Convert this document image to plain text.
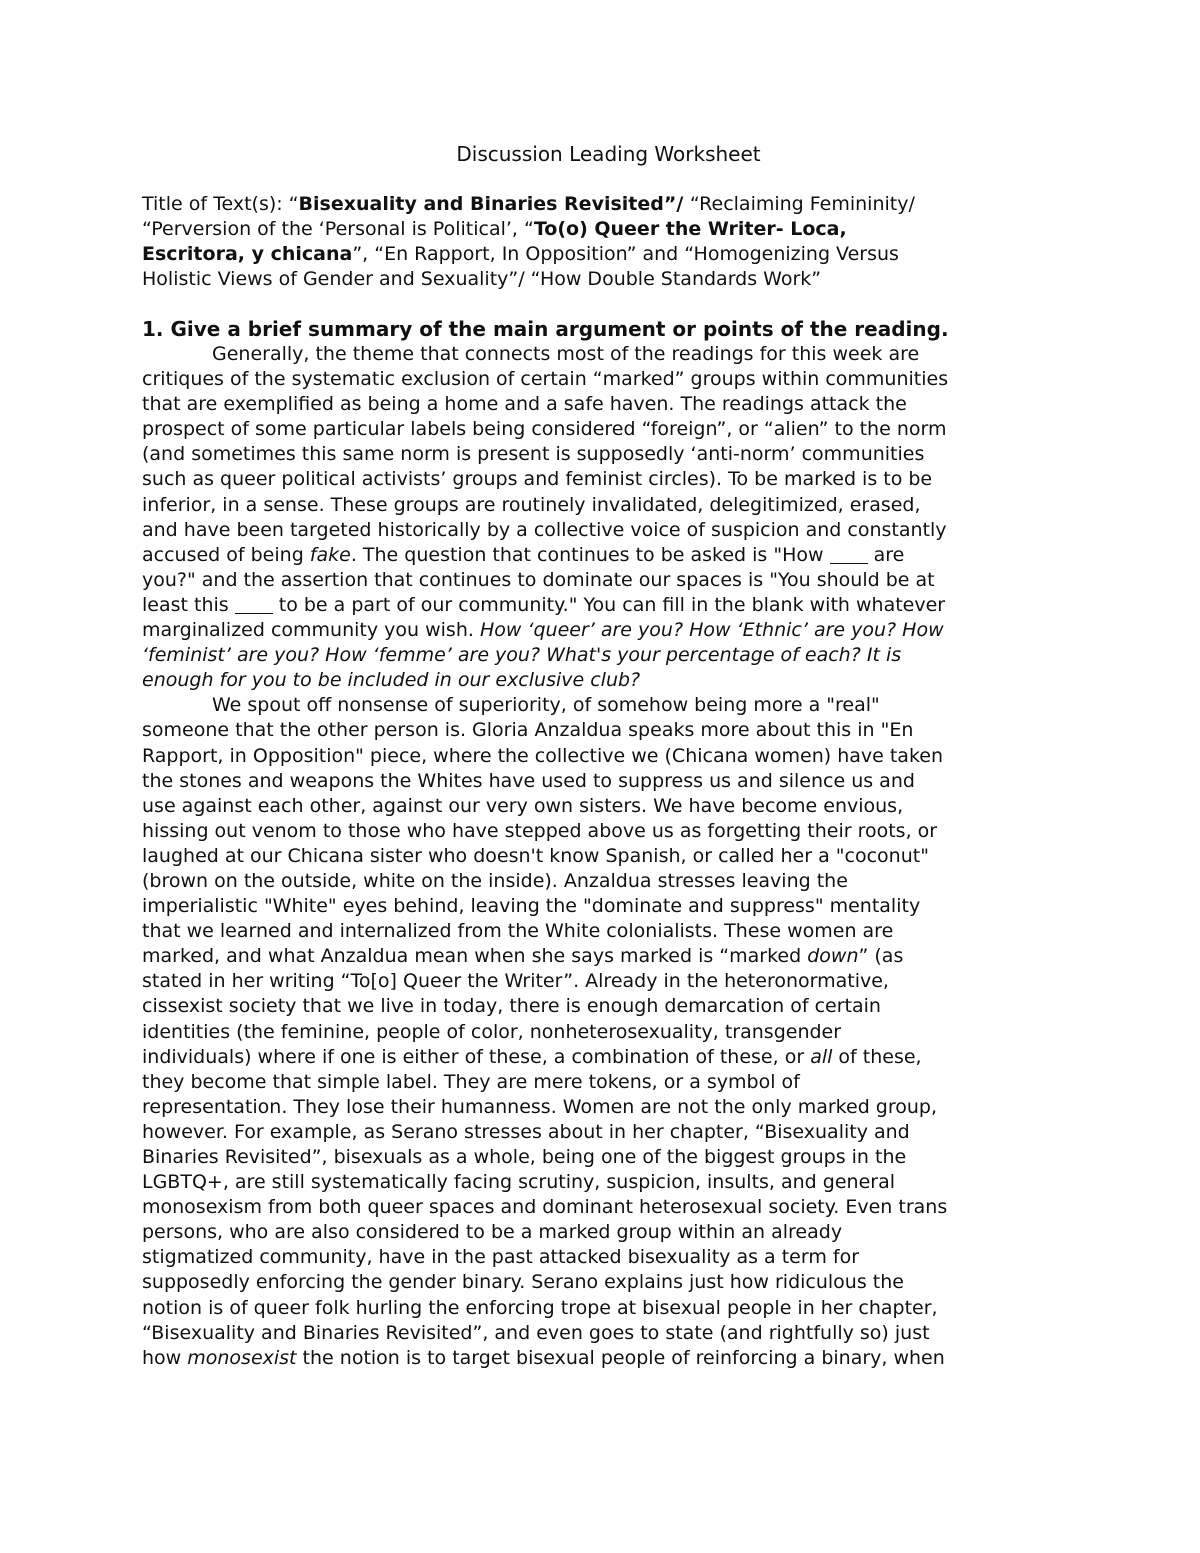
Discussion Leading Worksheet
Title of Text(s): “Bisexuality and Binaries Revisited”/ “Reclaiming Femininity/
“Perversion of the ‘Personal is Political’, “To(o) Queer the Writer- Loca,
Escritora, y chicana”, “En Rapport, In Opposition” and “Homogenizing Versus
Holistic Views of Gender and Sexuality”/ “How Double Standards Work”
1. Give a brief summary of the main argument or points of the reading.
Generally, the theme that connects most of the readings for this week are
critiques of the systematic exclusion of certain “marked” groups within communities
that are exemplified as being a home and a safe haven. The readings attack the
prospect of some particular labels being considered “foreign”, or “alien” to the norm
(and sometimes this same norm is present is supposedly ‘anti-norm’ communities
such as queer political activists’ groups and feminist circles). To be marked is to be
inferior, in a sense. These groups are routinely invalidated, delegitimized, erased,
and have been targeted historically by a collective voice of suspicion and constantly
accused of being fake. The question that continues to be asked is "How  are
you?" and the assertion that continues to dominate our spaces is "You should be at
least this  to be a part of our community." You can fill in the blank with whatever
marginalized community you wish. How ‘queer’ are you? How ‘Ethnic’ are you? How
‘feminist’ are you? How ‘femme’ are you? What's your percentage of each? It is
enough for you to be included in our exclusive club?
We spout off nonsense of superiority, of somehow being more a "real"
someone that the other person is. Gloria Anzaldua speaks more about this in "En
Rapport, in Opposition" piece, where the collective we (Chicana women) have taken
the stones and weapons the Whites have used to suppress us and silence us and
use against each other, against our very own sisters. We have become envious,
hissing out venom to those who have stepped above us as forgetting their roots, or
laughed at our Chicana sister who doesn't know Spanish, or called her a "coconut"
(brown on the outside, white on the inside). Anzaldua stresses leaving the
imperialistic "White" eyes behind, leaving the "dominate and suppress" mentality
that we learned and internalized from the White colonialists. These women are
marked, and what Anzaldua mean when she says marked is “marked down” (as
stated in her writing “To[o] Queer the Writer”. Already in the heteronormative,
cissexist society that we live in today, there is enough demarcation of certain
identities (the feminine, people of color, nonheterosexuality, transgender
individuals) where if one is either of these, a combination of these, or all of these,
they become that simple label. They are mere tokens, or a symbol of
representation. They lose their humanness. Women are not the only marked group,
however. For example, as Serano stresses about in her chapter, “Bisexuality and
Binaries Revisited”, bisexuals as a whole, being one of the biggest groups in the
LGBTQ+, are still systematically facing scrutiny, suspicion, insults, and general
monosexism from both queer spaces and dominant heterosexual society. Even trans
persons, who are also considered to be a marked group within an already
stigmatized community, have in the past attacked bisexuality as a term for
supposedly enforcing the gender binary. Serano explains just how ridiculous the
notion is of queer folk hurling the enforcing trope at bisexual people in her chapter,
“Bisexuality and Binaries Revisited”, and even goes to state (and rightfully so) just
how monosexist the notion is to target bisexual people of reinforcing a binary, when
